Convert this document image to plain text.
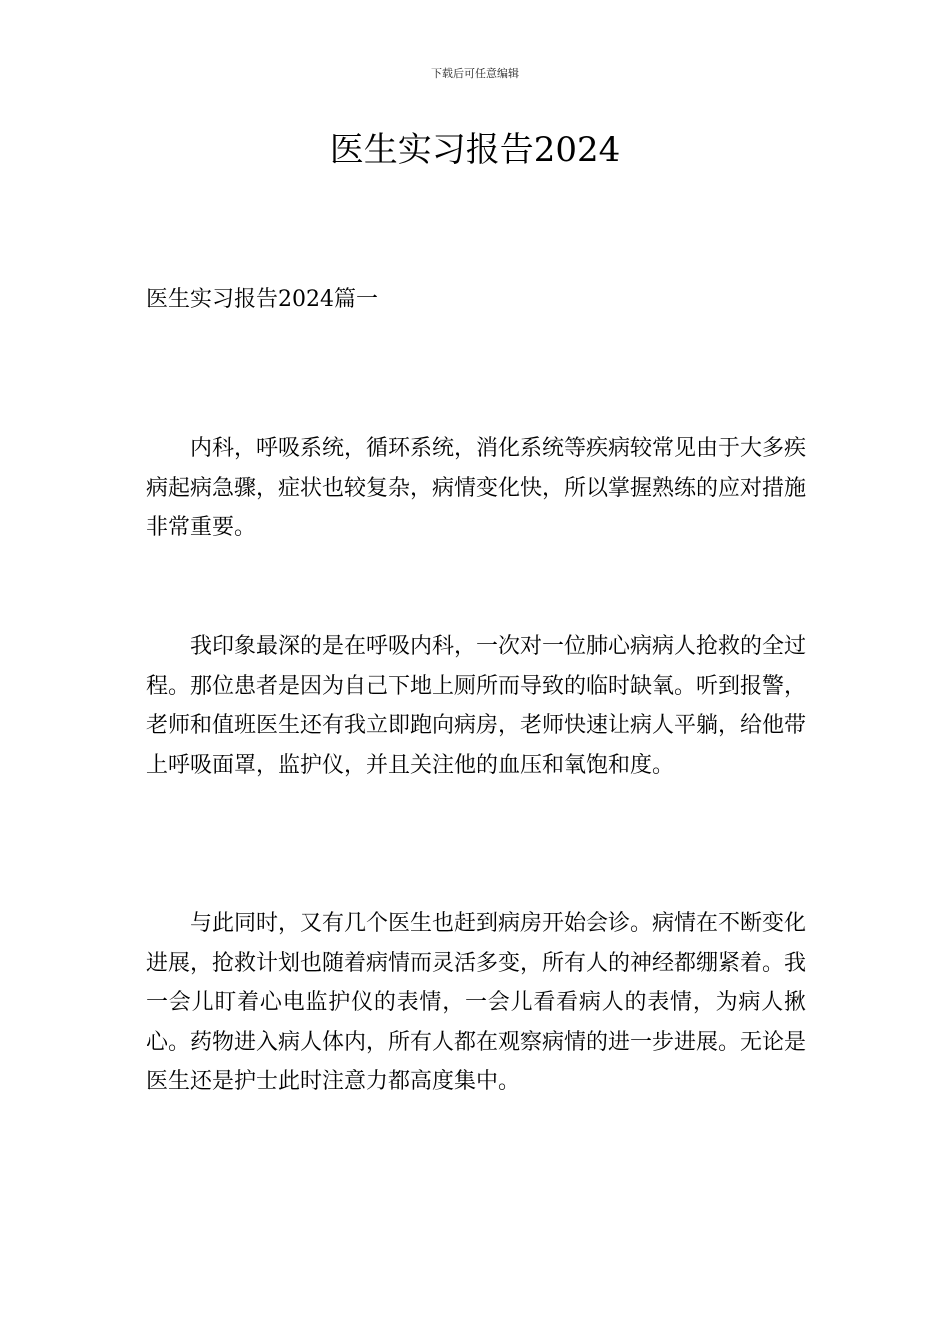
下载后可任意编辑
医生实习报告2024
医生实习报告2024篇一

内科，呼吸系统，循环系统，消化系统等疾病较常见由于大多疾病起病急骤，症状也较复杂，病情变化快，所以掌握熟练的应对措施非常重要。

我印象最深的是在呼吸内科，一次对一位肺心病病人抢救的全过程。那位患者是因为自己下地上厕所而导致的临时缺氧。听到报警，老师和值班医生还有我立即跑向病房，老师快速让病人平躺，给他带上呼吸面罩，监护仪，并且关注他的血压和氧饱和度。

与此同时，又有几个医生也赶到病房开始会诊。病情在不断变化进展，抢救计划也随着病情而灵活多变，所有人的神经都绷紧着。我一会儿盯着心电监护仪的表情，一会儿看看病人的表情，为病人揪心。药物进入病人体内，所有人都在观察病情的进一步进展。无论是医生还是护士此时注意力都高度集中。
